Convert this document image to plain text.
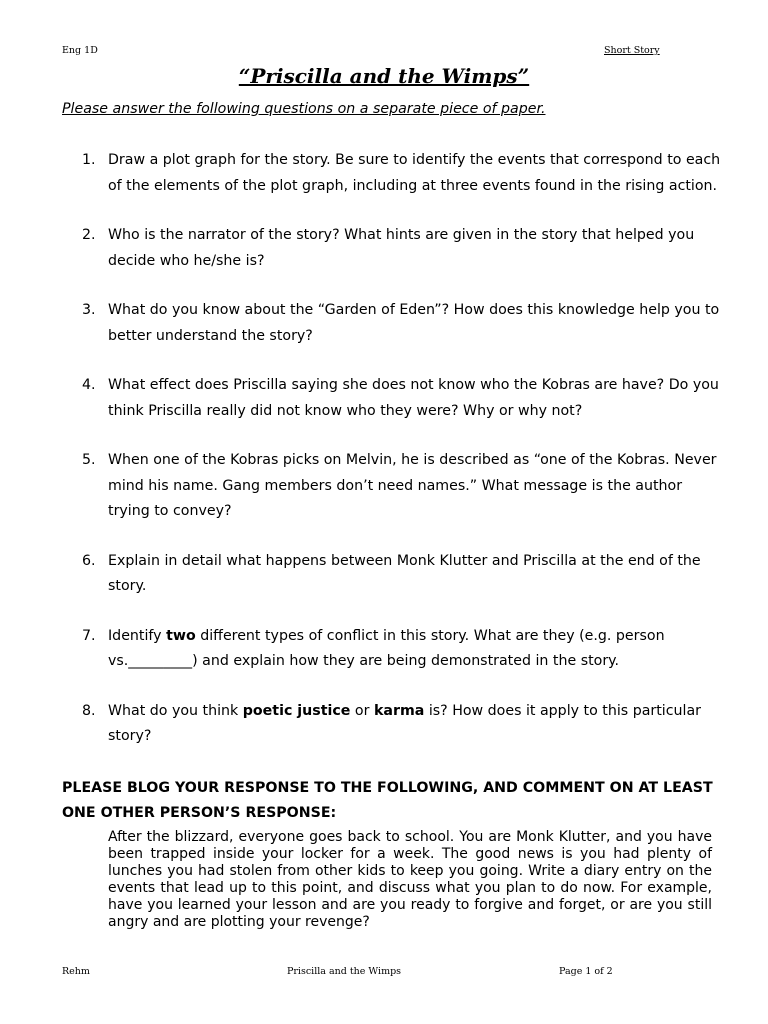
Eng 1D	Short Story
“Priscilla and the Wimps”
Please answer the following questions on a separate piece of paper.
1. Draw a plot graph for the story. Be sure to identify the events that correspond to each of the elements of the plot graph, including at three events found in the rising action.
2. Who is the narrator of the story? What hints are given in the story that helped you decide who he/she is?
3. What do you know about the “Garden of Eden”? How does this knowledge help you to better understand the story?
4. What effect does Priscilla saying she does not know who the Kobras are have? Do you think Priscilla really did not know who they were? Why or why not?
5. When one of the Kobras picks on Melvin, he is described as “one of the Kobras. Never mind his name. Gang members don’t need names.” What message is the author trying to convey?
6. Explain in detail what happens between Monk Klutter and Priscilla at the end of the story.
7. Identify two different types of conflict in this story. What are they (e.g. person vs._________) and explain how they are being demonstrated in the story.
8. What do you think poetic justice or karma is? How does it apply to this particular story?
PLEASE BLOG YOUR RESPONSE TO THE FOLLOWING, AND COMMENT ON AT LEAST ONE OTHER PERSON’S RESPONSE:
After the blizzard, everyone goes back to school. You are Monk Klutter, and you have been trapped inside your locker for a week. The good news is you had plenty of lunches you had stolen from other kids to keep you going. Write a diary entry on the events that lead up to this point, and discuss what you plan to do now. For example, have you learned your lesson and are you ready to forgive and forget, or are you still angry and are plotting your revenge?
Rehm	Priscilla and the Wimps	Page 1 of 2
